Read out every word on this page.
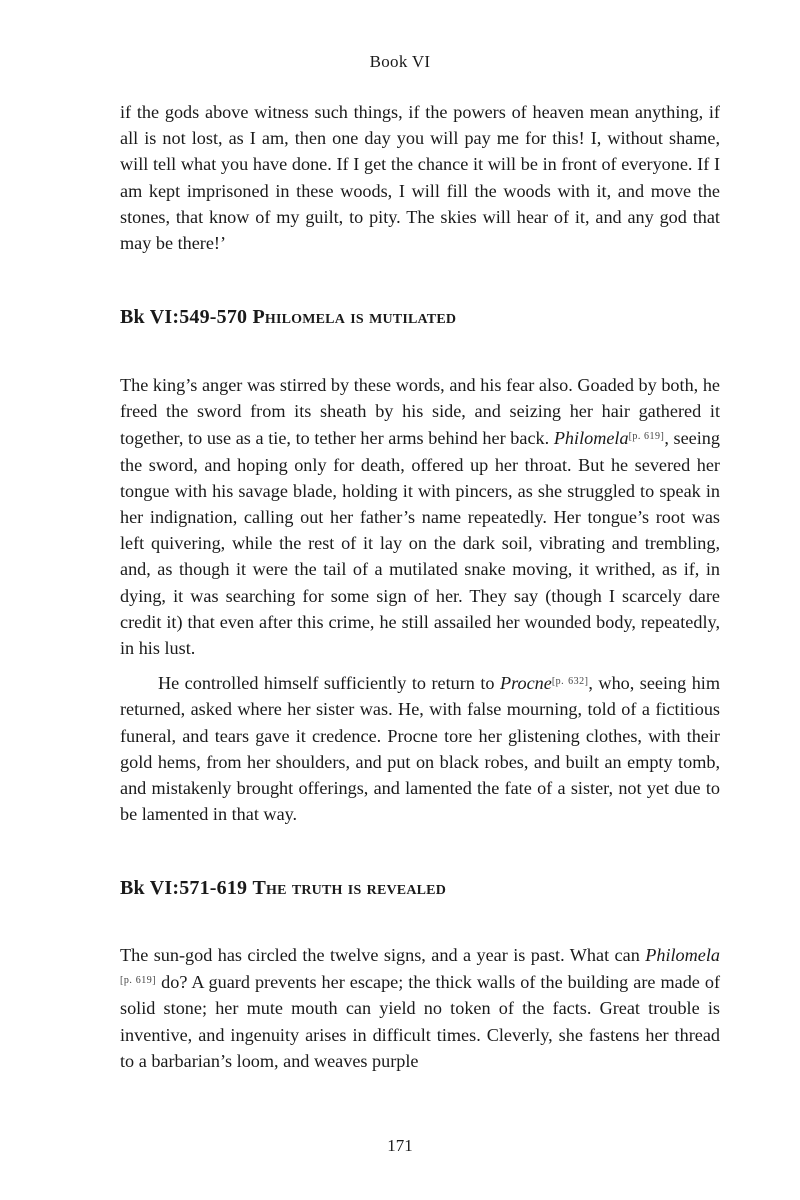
Book VI

if the gods above witness such things, if the powers of heaven mean anything, if all is not lost, as I am, then one day you will pay me for this! I, without shame, will tell what you have done. If I get the chance it will be in front of everyone. If I am kept imprisoned in these woods, I will fill the woods with it, and move the stones, that know of my guilt, to pity. The skies will hear of it, and any god that may be there!’

Bk VI:549-570 Philomela is mutilated

The king’s anger was stirred by these words, and his fear also. Goaded by both, he freed the sword from its sheath by his side, and seizing her hair gathered it together, to use as a tie, to tether her arms behind her back. Philomela[p. 619], seeing the sword, and hoping only for death, offered up her throat. But he severed her tongue with his savage blade, holding it with pincers, as she struggled to speak in her indignation, calling out her father’s name repeatedly. Her tongue’s root was left quivering, while the rest of it lay on the dark soil, vibrating and trembling, and, as though it were the tail of a mutilated snake moving, it writhed, as if, in dying, it was searching for some sign of her. They say (though I scarcely dare credit it) that even after this crime, he still assailed her wounded body, repeatedly, in his lust.

He controlled himself sufficiently to return to Procne[p. 632], who, seeing him returned, asked where her sister was. He, with false mourning, told of a fictitious funeral, and tears gave it credence. Procne tore her glistening clothes, with their gold hems, from her shoulders, and put on black robes, and built an empty tomb, and mistakenly brought offerings, and lamented the fate of a sister, not yet due to be lamented in that way.

Bk VI:571-619 The truth is revealed

The sun-god has circled the twelve signs, and a year is past. What can Philomela [p. 619] do? A guard prevents her escape; the thick walls of the building are made of solid stone; her mute mouth can yield no token of the facts. Great trouble is inventive, and ingenuity arises in difficult times. Cleverly, she fastens her thread to a barbarian’s loom, and weaves purple

171
